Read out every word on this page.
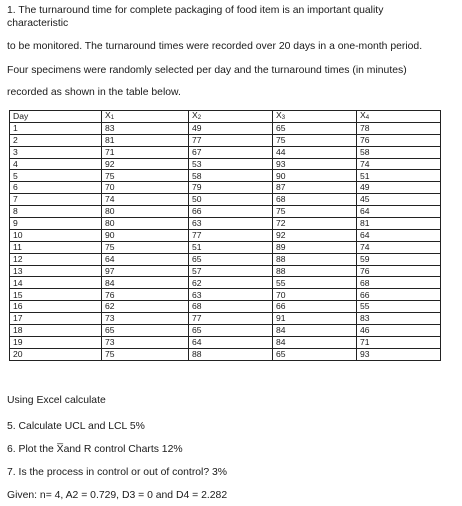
1. The turnaround time for complete packaging of food item is an important quality characteristic

to be monitored. The turnaround times were recorded over 20 days in a one-month period.

Four specimens were randomly selected per day and the turnaround times (in minutes)

recorded as shown in the table below.

Day	X1	X2	X3	X4
1	83	49	65	78
2	81	77	75	76
3	71	67	44	58
4	92	53	93	74
5	75	58	90	51
6	70	79	87	49
7	74	50	68	45
8	80	66	75	64
9	80	63	72	81
10	90	77	92	64
11	75	51	89	74
12	64	65	88	59
13	97	57	88	76
14	84	62	55	68
15	76	63	70	66
16	62	68	66	55
17	73	77	91	83
18	65	65	84	46
19	73	64	84	71
20	75	88	65	93
Using Excel calculate
5. Calculate UCL and LCL 5%
6. Plot the X̅and R control Charts 12%
7. Is the process in control or out of control? 3%
Given: n= 4, A2 = 0.729, D3 = 0 and D4 = 2.282
